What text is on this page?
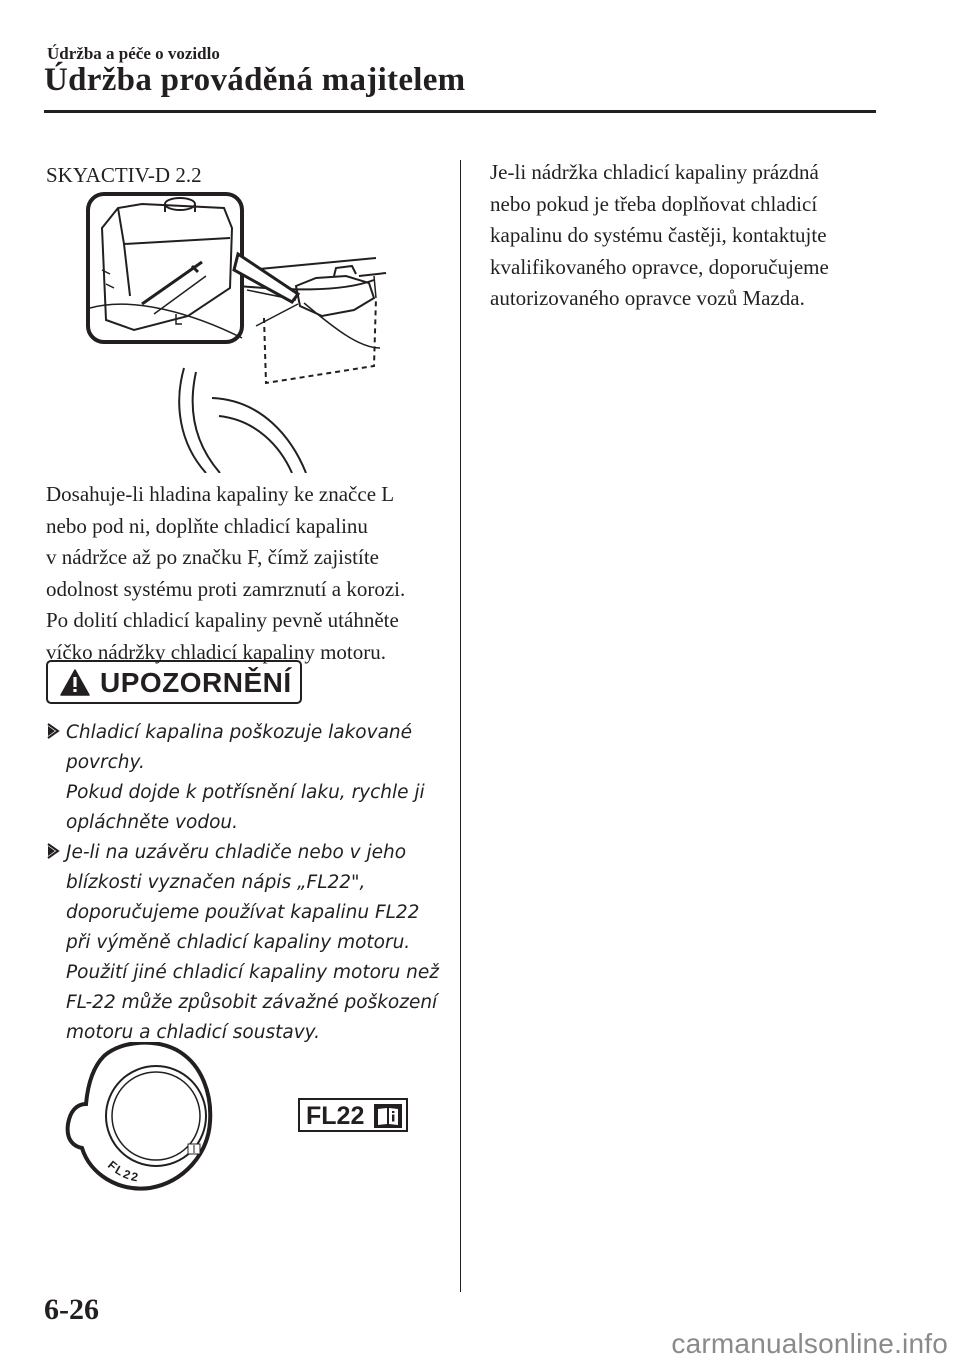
Údržba a péče o vozidlo
Údržba prováděná majitelem
SKYACTIV-D 2.2

Dosahuje-li hladina kapaliny ke značce L
nebo pod ni, doplňte chladicí kapalinu
v nádržce až po značku F, čímž zajistíte
odolnost systému proti zamrznutí a korozi.
Po dolití chladicí kapaliny pevně utáhněte
víčko nádržky chladicí kapaliny motoru.

UPOZORNĚNÍ
Chladicí kapalina poškozuje lakované
povrchy.
Pokud dojde k potřísnění laku, rychle ji
opláchněte vodou.
Je-li na uzávěru chladiče nebo v jeho
blízkosti vyznačen nápis „FL22",
doporučujeme používat kapalinu FL22
při výměně chladicí kapaliny motoru.
Použití jiné chladicí kapaliny motoru než
FL-22 může způsobit závažné poškození
motoru a chladicí soustavy.
FL22
FL22

Je-li nádržka chladicí kapaliny prázdná
nebo pokud je třeba doplňovat chladicí
kapalinu do systému častěji, kontaktujte
kvalifikovaného opravce, doporučujeme
autorizovaného opravce vozů Mazda.

6-26
carmanualsonline.info
